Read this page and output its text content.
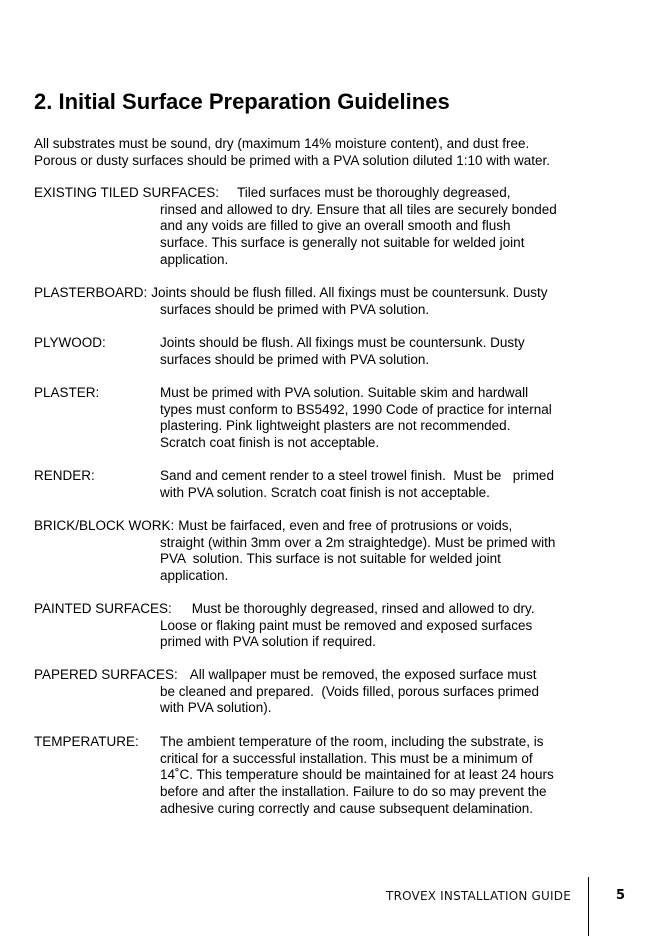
2. Initial Surface Preparation Guidelines
All substrates must be sound, dry (maximum 14% moisture content), and dust free.
Porous or dusty surfaces should be primed with a PVA solution diluted 1:10 with water.
EXISTING TILED SURFACES: Tiled surfaces must be thoroughly degreased,
rinsed and allowed to dry. Ensure that all tiles are securely bonded
and any voids are filled to give an overall smooth and flush
surface. This surface is generally not suitable for welded joint
application.
PLASTERBOARD: Joints should be flush filled. All fixings must be countersunk. Dusty
surfaces should be primed with PVA solution.
PLYWOOD:	Joints should be flush. All fixings must be countersunk. Dusty
surfaces should be primed with PVA solution.
PLASTER:	Must be primed with PVA solution. Suitable skim and hardwall
types must conform to BS5492, 1990 Code of practice for internal
plastering. Pink lightweight plasters are not recommended.
Scratch coat finish is not acceptable.
RENDER:	Sand and cement render to a steel trowel finish.  Must be   primed
with PVA solution. Scratch coat finish is not acceptable.
BRICK/BLOCK WORK: Must be fairfaced, even and free of protrusions or voids,
straight (within 3mm over a 2m straightedge). Must be primed with
PVA  solution. This surface is not suitable for welded joint
application.
PAINTED SURFACES: Must be thoroughly degreased, rinsed and allowed to dry.
Loose or flaking paint must be removed and exposed surfaces
primed with PVA solution if required.
PAPERED SURFACES: All wallpaper must be removed, the exposed surface must
be cleaned and prepared.  (Voids filled, porous surfaces primed
with PVA solution).
TEMPERATURE: The ambient temperature of the room, including the substrate, is
critical for a successful installation. This must be a minimum of
14˚C. This temperature should be maintained for at least 24 hours
before and after the installation. Failure to do so may prevent the
adhesive curing correctly and cause subsequent delamination.
TROVEX INSTALLATION GUIDE	5
